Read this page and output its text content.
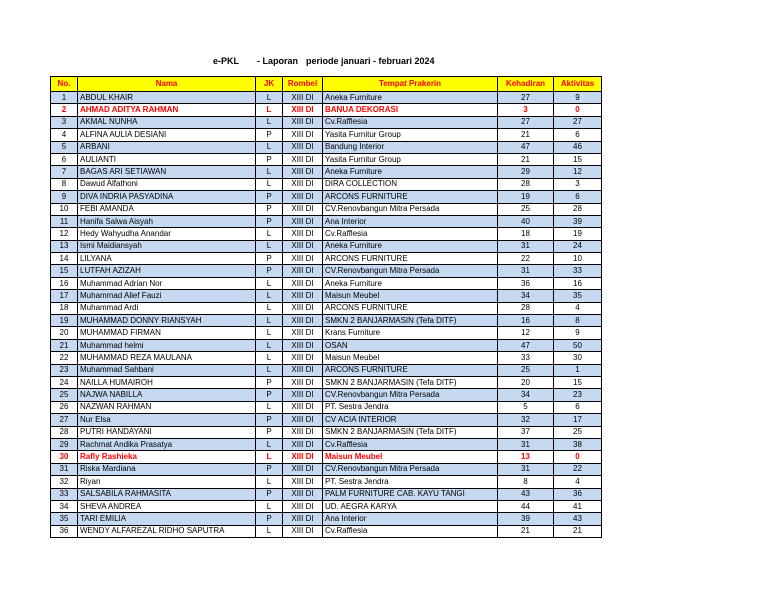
e-PKL - Laporan periode januari - februari 2024
No.	Nama	JK	Rombel	Tempat Prakerin	Kehadiran	Aktivitas
1	ABDUL KHAIR	L	XIII DI	Aneka Furniture	27	9
2	AHMAD ADITYA RAHMAN	L	XIII DI	BANUA DEKORASI	3	0
3	AKMAL NUNHA	L	XIII DI	Cv.Rafflesia	27	27
4	ALFINA AULIA DESIANI	P	XIII DI	Yasita Furnitur Group	21	6
5	ARBANI	L	XIII DI	Bandung Interior	47	46
6	AULIANTI	P	XIII DI	Yasita Furnitur Group	21	15
7	BAGAS ARI SETIAWAN	L	XIII DI	Aneka Furniture	29	12
8	Dawud Alfathoni	L	XIII DI	DIRA COLLECTION	28	3
9	DIVA INDRIA PASYADINA	P	XIII DI	ARCONS FURNITURE	19	6
10	FEBI AMANDA	P	XIII DI	CV.Renovbangun Mitra Persada	25	28
11	Hanifa Salwa Aisyah	P	XIII DI	Ana Interior	40	39
12	Hedy Wahyudha Anandar	L	XIII DI	Cv.Rafflesia	18	19
13	Ismi Maidiansyah	L	XIII DI	Aneka Furniture	31	24
14	LILYANA	P	XIII DI	ARCONS FURNITURE	22	10
15	LUTFAH AZIZAH	P	XIII DI	CV.Renovbangun Mitra Persada	31	33
16	Muhammad Adrian Nor	L	XIII DI	Aneka Furniture	36	16
17	Muhammad Alief Fauzi	L	XIII DI	Maisun Meubel	34	35
18	Muhammad Ardi	L	XIII DI	ARCONS FURNITURE	28	4
19	MUHAMMAD DONNY RIANSYAH	L	XIII DI	SMKN 2 BANJARMASIN (Tefa DITF)	16	8
20	MUHAMMAD FIRMAN	L	XIII DI	Krans Furniture	12	9
21	Muhammad helmi	L	XIII DI	OSAN	47	50
22	MUHAMMAD REZA MAULANA	L	XIII DI	Maisun Meubel	33	30
23	Muhammad Sahbani	L	XIII DI	ARCONS FURNITURE	25	1
24	NAILLA HUMAIROH	P	XIII DI	SMKN 2 BANJARMASIN (Tefa DITF)	20	15
25	NAJWA NABILLA	P	XIII DI	CV.Renovbangun Mitra Persada	34	23
26	NAZWAN RAHMAN	L	XIII DI	PT. Sestra Jendra	5	6
27	Nur Elsa	P	XIII DI	CV ACIA INTERIOR	32	17
28	PUTRI HANDAYANI	P	XIII DI	SMKN 2 BANJARMASIN (Tefa DITF)	37	25
29	Rachmat Andika Prasatya	L	XIII DI	Cv.Rafflesia	31	38
30	Rafly Rashieka	L	XIII DI	Maisun Meubel	13	0
31	Riska Mardiana	P	XIII DI	CV.Renovbangun Mitra Persada	31	22
32	Riyan	L	XIII DI	PT. Sestra Jendra	8	4
33	SALSABILA RAHMASITA	P	XIII DI	PALM FURNITURE CAB. KAYU TANGI	43	36
34	SHEVA ANDREA	L	XIII DI	UD. AEGRA KARYA	44	41
35	TARI EMILIA	P	XIII DI	Ana Interior	39	43
36	WENDY ALFAREZAL RIDHO SAPUTRA	L	XIII DI	Cv.Rafflesia	21	21
